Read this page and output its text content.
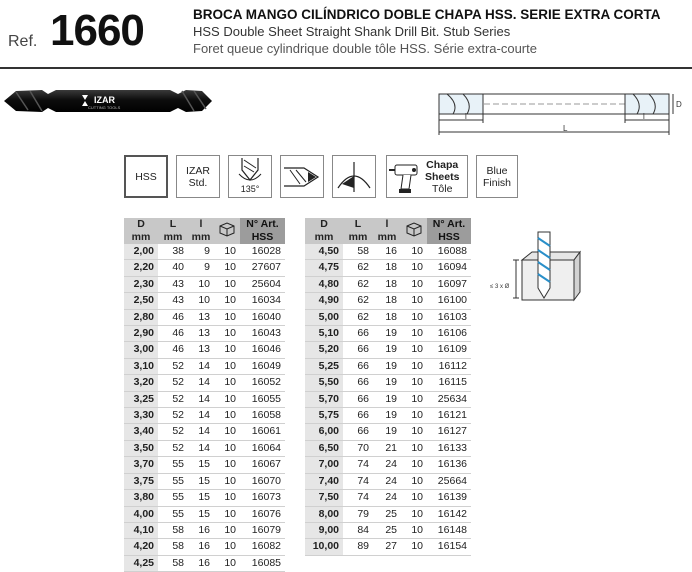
Ref. 1660	BROCA MANGO CILÍNDRICO DOBLE CHAPA HSS. SERIE EXTRA CORTA
HSS Double Sheet Straight Shank Drill Bit. Stub Series
Foret queue cylindrique double tôle HSS. Série extra-courte
IZAR
CUTTING TOOLS
l	l
L
D
HSS	IZAR
Std.
135°
Chapa
Sheets
Tôle
Blue
Finish
D	L	l		N° Art.
mm	mm	mm		HSS
2,00	38	9	10	16028
2,20	40	9	10	27607
2,30	43	10	10	25604
2,50	43	10	10	16034
2,80	46	13	10	16040
2,90	46	13	10	16043
3,00	46	13	10	16046
3,10	52	14	10	16049
3,20	52	14	10	16052
3,25	52	14	10	16055
3,30	52	14	10	16058
3,40	52	14	10	16061
3,50	52	14	10	16064
3,70	55	15	10	16067
3,75	55	15	10	16070
3,80	55	15	10	16073
4,00	55	15	10	16076
4,10	58	16	10	16079
4,20	58	16	10	16082
4,25	58	16	10	16085
D	L	l		N° Art.
mm	mm	mm		HSS
4,50	58	16	10	16088
4,75	62	18	10	16094
4,80	62	18	10	16097
4,90	62	18	10	16100
5,00	62	18	10	16103
5,10	66	19	10	16106
5,20	66	19	10	16109
5,25	66	19	10	16112
5,50	66	19	10	16115
5,70	66	19	10	25634
5,75	66	19	10	16121
6,00	66	19	10	16127
6,50	70	21	10	16133
7,00	74	24	10	16136
7,40	74	24	10	25664
7,50	74	24	10	16139
8,00	79	25	10	16142
9,00	84	25	10	16148
10,00	89	27	10	16154
≤ 3 x Ø
